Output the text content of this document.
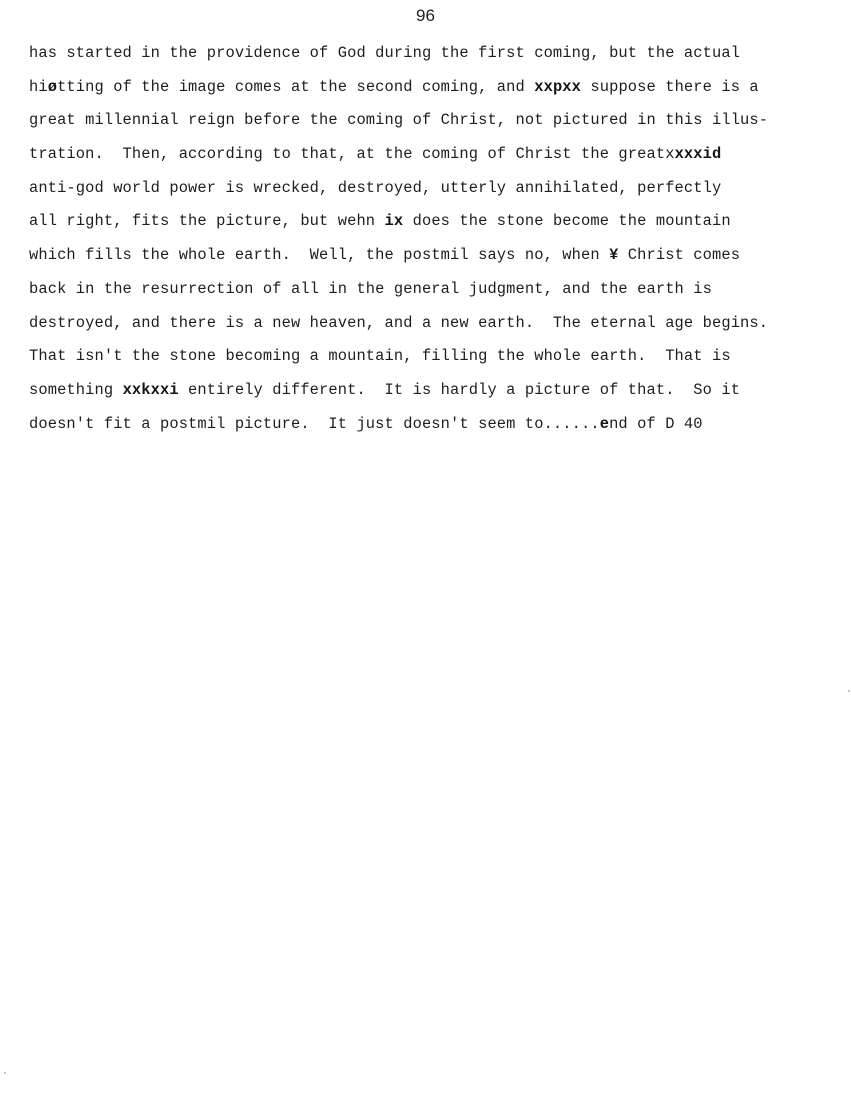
96
has started in the providence of God during the first coming, but the actual
hiøtting of the image comes at the second coming, and xxpxx suppose there is a
great millennial reign before the coming of Christ, not pictured in this illus-
tration.  Then, according to that, at the coming of Christ the greatxxxxid
anti-god world power is wrecked, destroyed, utterly annihilated, perfectly
all right, fits the picture, but wehn ix does the stone become the mountain
which fills the whole earth.  Well, the postmil says no, when ¥ Christ comes
back in the resurrection of all in the general judgment, and the earth is
destroyed, and there is a new heaven, and a new earth.  The eternal age begins.
That isn't the stone becoming a mountain, filling the whole earth.  That is
something xxkxxi entirely different.  It is hardly a picture of that.  So it
doesn't fit a postmil picture.  It just doesn't seem to......end of D 40
